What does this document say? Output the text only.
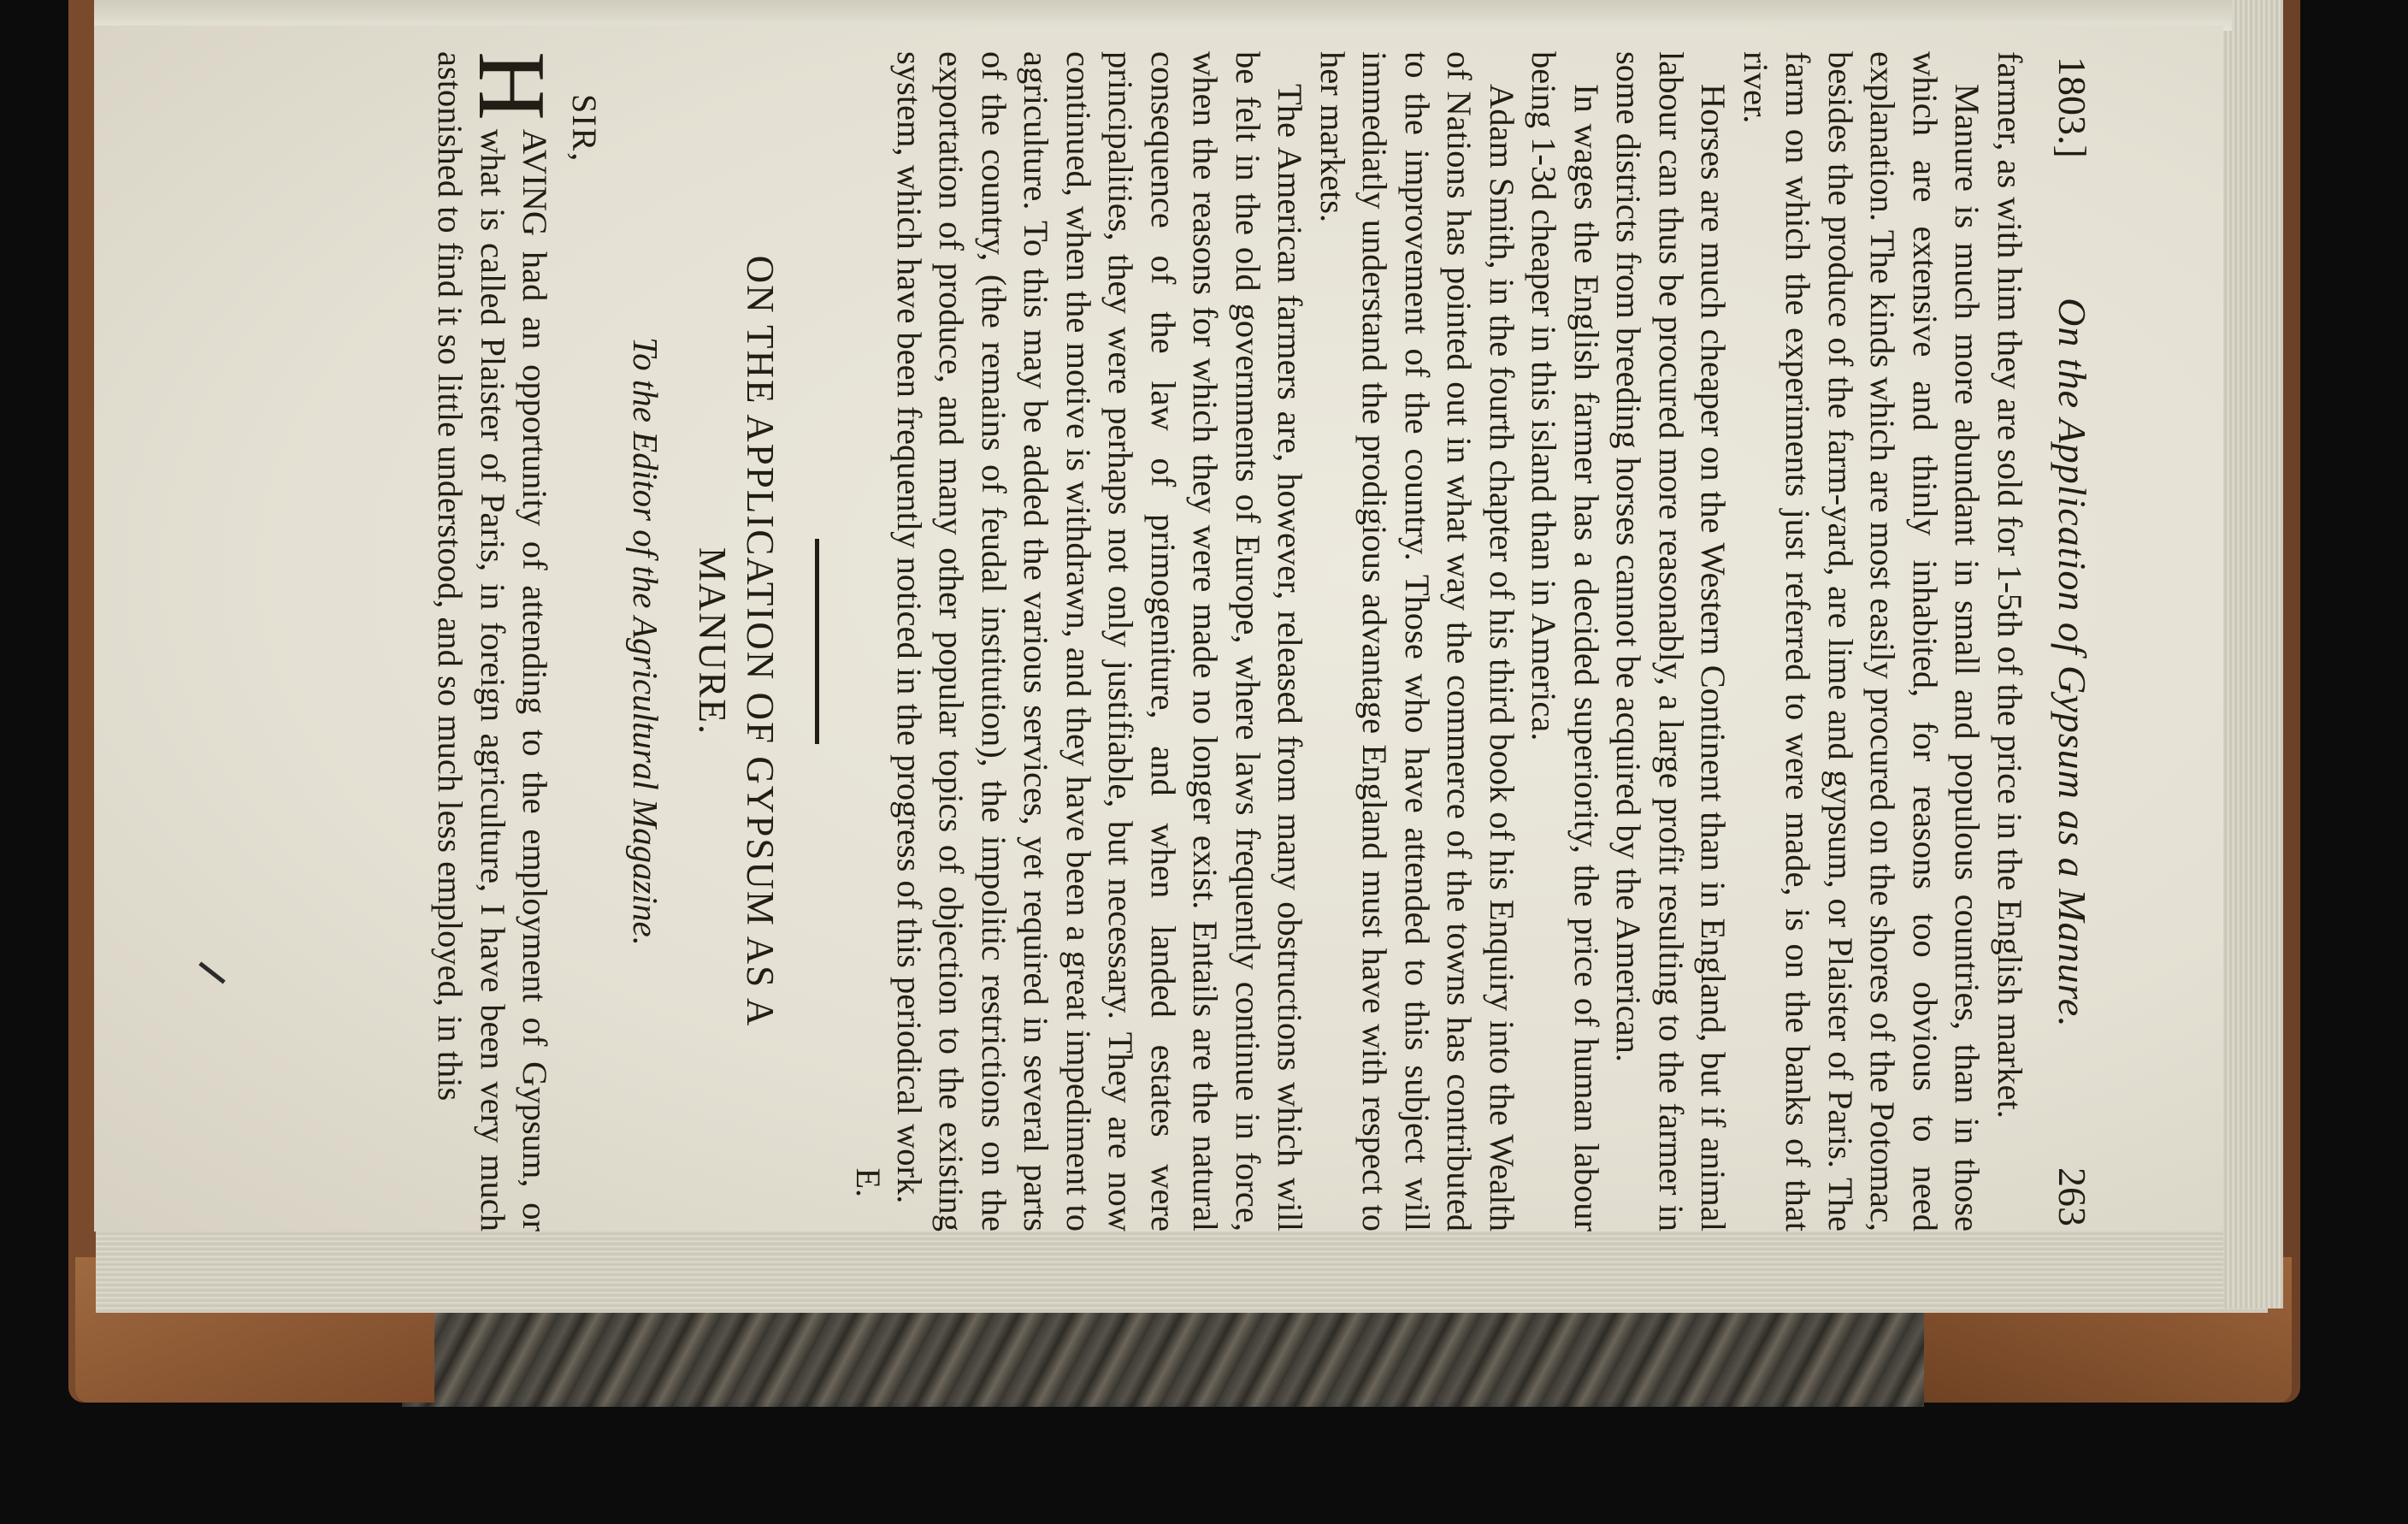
1803.]
On the Application of Gypsum as a Manure.
263

farmer, as with him they are sold for 1-5th of the price in the English market.

Manure is much more abundant in small and populous countries, than in those which are extensive and thinly inhabited, for reasons too obvious to need explanation. The kinds which are most easily procured on the shores of the Potomac, besides the produce of the farm-yard, are lime and gypsum, or Plaister of Paris. The farm on which the experiments just referred to were made, is on the banks of that river.

Horses are much cheaper on the Western Continent than in England, but if animal labour can thus be procured more reasonably, a large profit resulting to the farmer in some districts from breeding horses cannot be acquired by the American.

In wages the English farmer has a decided superiority, the price of human labour being 1-3d cheaper in this island than in America.

Adam Smith, in the fourth chapter of his third book of his Enquiry into the Wealth of Nations has pointed out in what way the commerce of the towns has contributed to the improvement of the country. Those who have attended to this subject will immediatly understand the prodigious advantage England must have with respect to her markets.

The American farmers are, however, released from many obstructions which will be felt in the old governments of Europe, where laws frequently continue in force, when the reasons for which they were made no longer exist. Entails are the natural consequence of the law of primogeniture, and when landed estates were principalities, they were perhaps not only justifiable, but necessary. They are now continued, when the motive is withdrawn, and they have been a great impediment to agriculture. To this may be added the various services, yet required in several parts of the country, (the remains of feudal institution), the impolitic restrictions on the exportation of produce, and many other popular topics of objection to the existing system, which have been frequently noticed in the progress of this periodical work.

E.

ON THE APPLICATION OF GYPSUM AS A
MANURE.

To the Editor of the Agricultural Magazine.

SIR,

H
AVING had an opportunity of attending to the employment of Gypsum, or what is called Plaister of Paris, in foreign agriculture, I have been very much astonished to find it so little understood, and so much less employed, in this
